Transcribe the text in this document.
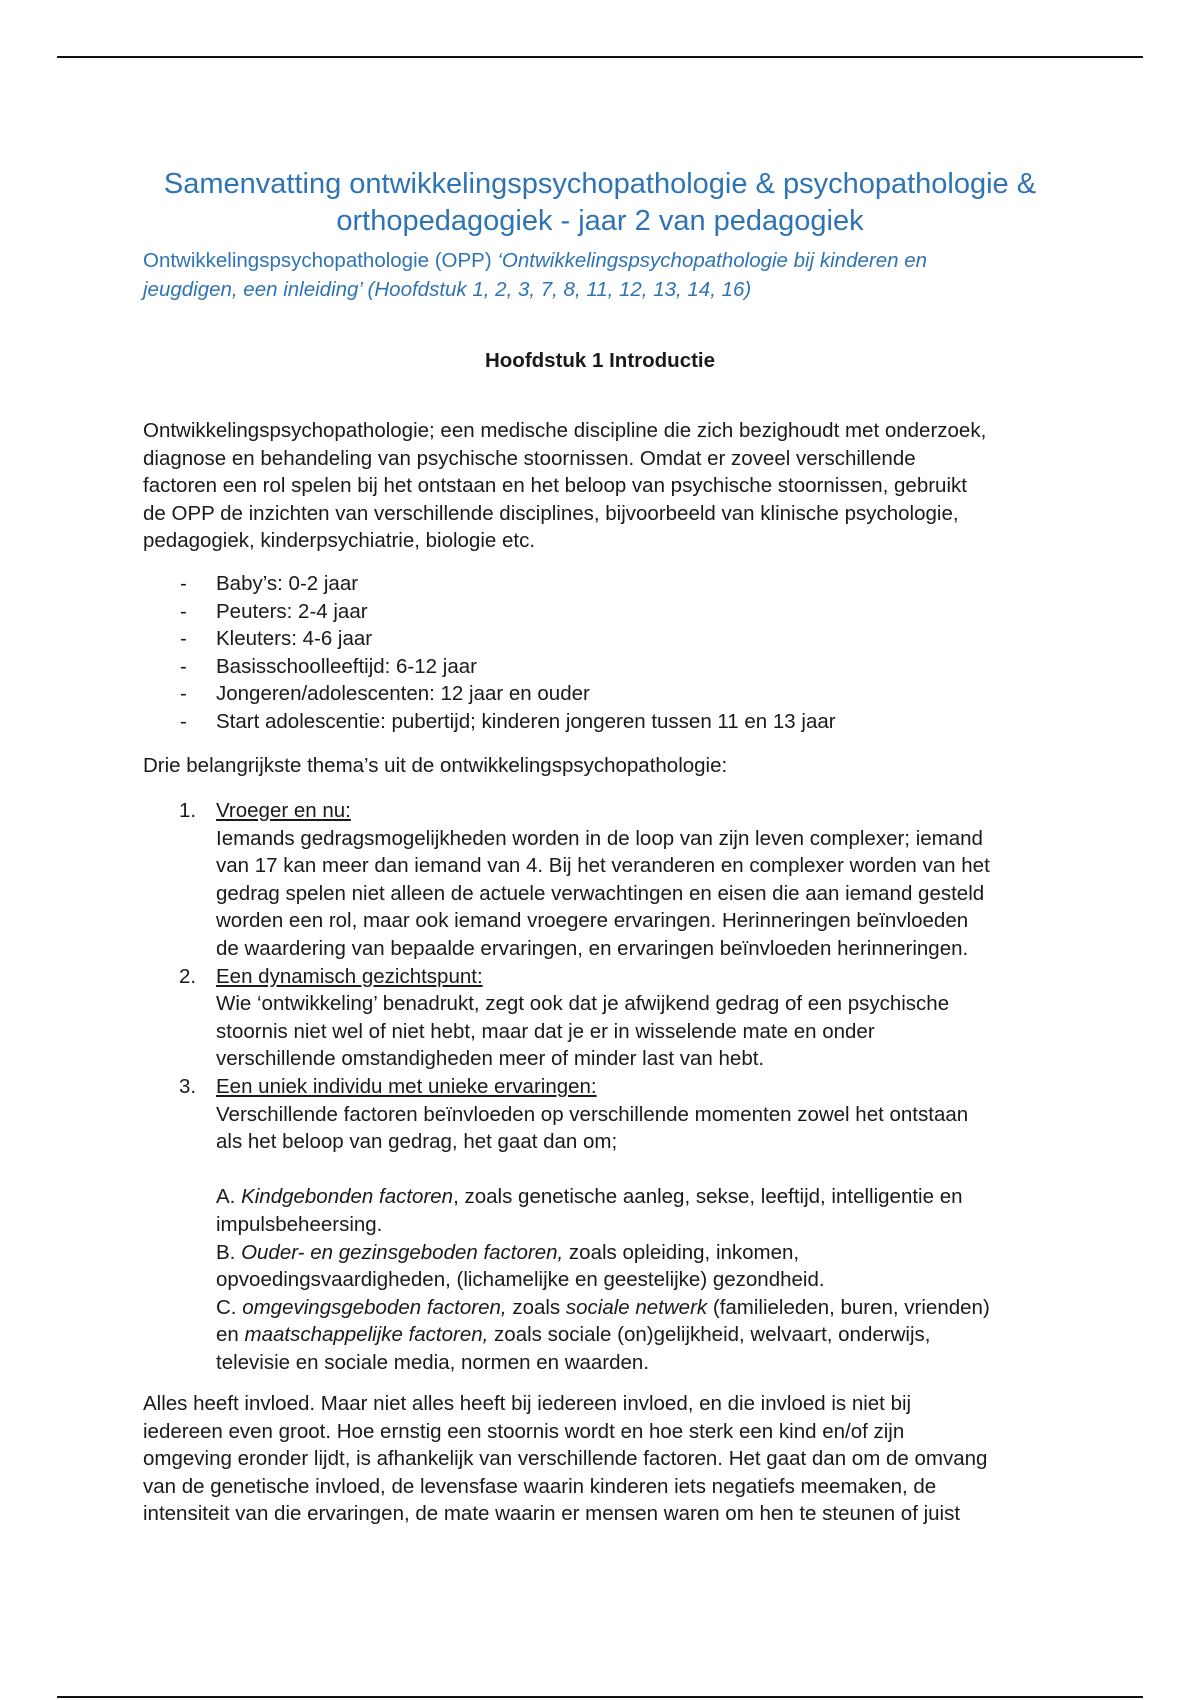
Samenvatting ontwikkelingspsychopathologie & psychopathologie &
orthopedagogiek - jaar 2 van pedagogiek
Ontwikkelingspsychopathologie (OPP) ‘Ontwikkelingspsychopathologie bij kinderen en
jeugdigen, een inleiding’ (Hoofdstuk 1, 2, 3, 7, 8, 11, 12, 13, 14, 16)
Hoofdstuk 1 Introductie
Ontwikkelingspsychopathologie; een medische discipline die zich bezighoudt met onderzoek,
diagnose en behandeling van psychische stoornissen. Omdat er zoveel verschillende
factoren een rol spelen bij het ontstaan en het beloop van psychische stoornissen, gebruikt
de OPP de inzichten van verschillende disciplines, bijvoorbeeld van klinische psychologie,
pedagogiek, kinderpsychiatrie, biologie etc.
- Baby’s: 0-2 jaar
- Peuters: 2-4 jaar
- Kleuters: 4-6 jaar
- Basisschoolleeftijd: 6-12 jaar
- Jongeren/adolescenten: 12 jaar en ouder
- Start adolescentie: pubertijd; kinderen jongeren tussen 11 en 13 jaar
Drie belangrijkste thema’s uit de ontwikkelingspsychopathologie:
1. Vroeger en nu:
Iemands gedragsmogelijkheden worden in de loop van zijn leven complexer; iemand
van 17 kan meer dan iemand van 4. Bij het veranderen en complexer worden van het
gedrag spelen niet alleen de actuele verwachtingen en eisen die aan iemand gesteld
worden een rol, maar ook iemand vroegere ervaringen. Herinneringen beïnvloeden
de waardering van bepaalde ervaringen, en ervaringen beïnvloeden herinneringen.
2. Een dynamisch gezichtspunt:
Wie ‘ontwikkeling’ benadrukt, zegt ook dat je afwijkend gedrag of een psychische
stoornis niet wel of niet hebt, maar dat je er in wisselende mate en onder
verschillende omstandigheden meer of minder last van hebt.
3. Een uniek individu met unieke ervaringen:
Verschillende factoren beïnvloeden op verschillende momenten zowel het ontstaan
als het beloop van gedrag, het gaat dan om;
A. Kindgebonden factoren, zoals genetische aanleg, sekse, leeftijd, intelligentie en
impulsbeheersing.
B. Ouder- en gezinsgeboden factoren, zoals opleiding, inkomen,
opvoedingsvaardigheden, (lichamelijke en geestelijke) gezondheid.
C. omgevingsgeboden factoren, zoals sociale netwerk (familieleden, buren, vrienden)
en maatschappelijke factoren, zoals sociale (on)gelijkheid, welvaart, onderwijs,
televisie en sociale media, normen en waarden.
Alles heeft invloed. Maar niet alles heeft bij iedereen invloed, en die invloed is niet bij
iedereen even groot. Hoe ernstig een stoornis wordt en hoe sterk een kind en/of zijn
omgeving eronder lijdt, is afhankelijk van verschillende factoren. Het gaat dan om de omvang
van de genetische invloed, de levensfase waarin kinderen iets negatiefs meemaken, de
intensiteit van die ervaringen, de mate waarin er mensen waren om hen te steunen of juist
